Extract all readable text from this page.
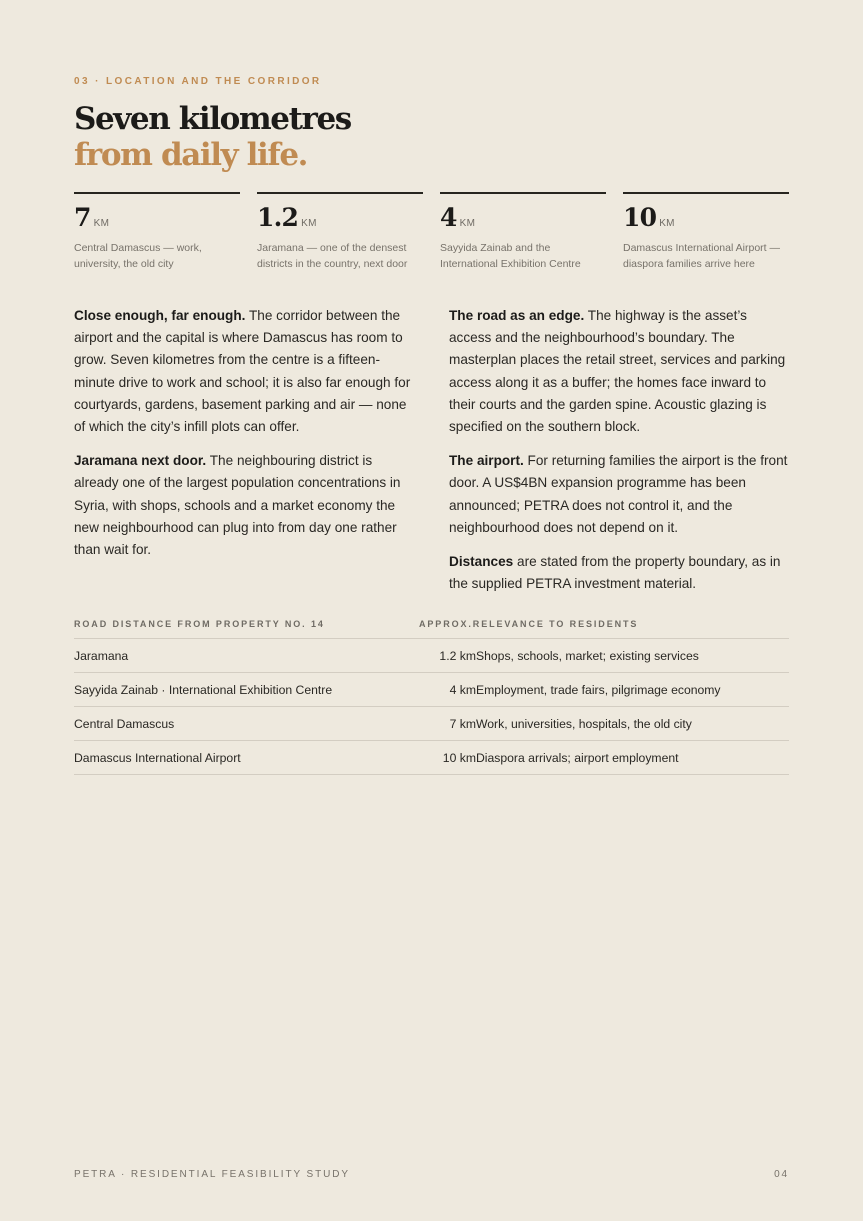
03 · LOCATION AND THE CORRIDOR
Seven kilometres
from daily life.
7 KM
Central Damascus — work, university, the old city
1.2 KM
Jaramana — one of the densest districts in the country, next door
4 KM
Sayyida Zainab and the International Exhibition Centre
10 KM
Damascus International Airport — diaspora families arrive here

Close enough, far enough. The corridor between the airport and the capital is where Damascus has room to grow. Seven kilometres from the centre is a fifteen-minute drive to work and school; it is also far enough for courtyards, gardens, basement parking and air — none of which the city’s infill plots can offer.

Jaramana next door. The neighbouring district is already one of the largest population concentrations in Syria, with shops, schools and a market economy the new neighbourhood can plug into from day one rather than wait for.

The road as an edge. The highway is the asset’s access and the neighbourhood’s boundary. The masterplan places the retail street, services and parking access along it as a buffer; the homes face inward to their courts and the garden spine. Acoustic glazing is specified on the southern block.

The airport. For returning families the airport is the front door. A US$4BN expansion programme has been announced; PETRA does not control it, and the neighbourhood does not depend on it.

Distances are stated from the property boundary, as in the supplied PETRA investment material.

ROAD DISTANCE FROM PROPERTY NO. 14	APPROX.RELEVANCE TO RESIDENTS
Jaramana	1.2 km Shops, schools, market; existing services
Sayyida Zainab · International Exhibition Centre	4 km Employment, trade fairs, pilgrimage economy
Central Damascus	7 km Work, universities, hospitals, the old city
Damascus International Airport	10 km Diaspora arrivals; airport employment
PETRA · RESIDENTIAL FEASIBILITY STUDY	04
